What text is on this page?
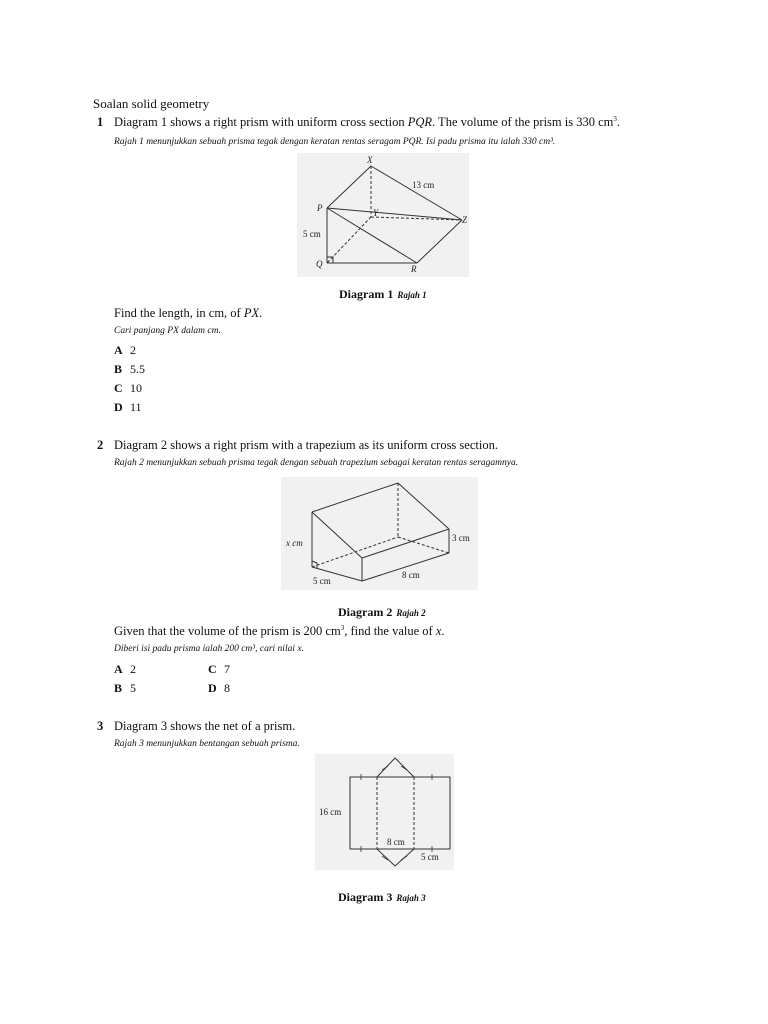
Soalan solid geometry
1 Diagram 1 shows a right prism with uniform cross section PQR. The volume of the prism is 330 $cm^3$.
Rajah 1 menunjukkan sebuah prisma tegak dengan keratan rentas seragam PQR. Isi padu prisma itu ialah 330 cm³.
X
Y
Z
P
Q	R
13 cm
5 cm
Diagram 1 Rajah 1
Find the length, in cm, of PX.
Cari panjang PX dalam cm.
A 2
B 5.5
C 10
D 11
2 Diagram 2 shows a right prism with a trapezium as its uniform cross section.
Rajah 2 menunjukkan sebuah prisma tegak dengan sebuah trapezium sebagai keratan rentas seragamnya.
x cm	3 cm
8 cm
5 cm
Diagram 2 Rajah 2
Given that the volume of the prism is 200 $cm^3$, find the value of x.
Diberi isi padu prisma ialah 200 cm³, cari nilai x.
A 2	C 7
B 5	D 8
3 Diagram 3 shows the net of a prism.
Rajah 3 menunjukkan bentangan sebuah prisma.
16 cm
8 cm
5 cm
Diagram 3 Rajah 3
